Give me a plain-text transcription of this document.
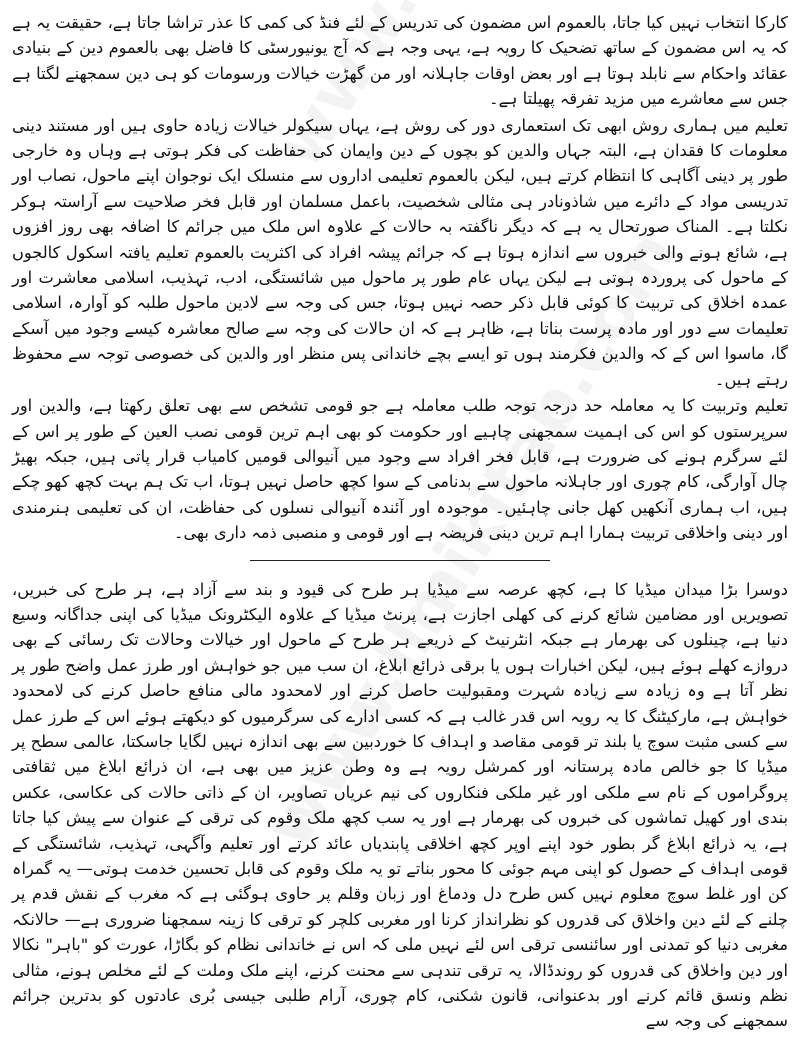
کارکا انتخاب نہیں کیا جاتا، بالعموم اس مضمون کی تدریس کے لئے فنڈ کی کمی کا عذر تراشا جاتا ہے، حقیقت یہ ہے کہ یہ اس مضمون کے ساتھ تضحیک کا رویہ ہے، یہی وجہ ہے کہ آج یونیورسٹی کا فاضل بھی بالعموم دین کے بنیادی عقائد واحکام سے نابلد ہوتا ہے اور بعض اوقات جاہلانہ اور من گھڑت خیالات ورسومات کو ہی دین سمجھنے لگتا ہے جس سے معاشرے میں مزید تفرقہ پھیلتا ہے۔

تعلیم میں ہماری روش ابھی تک استعماری دور کی روش ہے، یہاں سیکولر خیالات زیادہ حاوی ہیں اور مستند دینی معلومات کا فقدان ہے، البتہ جہاں والدین کو بچوں کے دین وایمان کی حفاظت کی فکر ہوتی ہے وہاں وہ خارجی طور پر دینی آگاہی کا انتظام کرتے ہیں، لیکن بالعموم تعلیمی اداروں سے منسلک ایک نوجوان اپنے ماحول، نصاب اور تدریسی مواد کے دائرے میں شاذونادر ہی مثالی شخصیت، باعمل مسلمان اور قابل فخر صلاحیت سے آراستہ ہوکر نکلتا ہے۔ المناک صورتحال یہ ہے کہ دیگر ناگفتہ بہ حالات کے علاوہ اس ملک میں جرائم کا اضافہ بھی روز افزوں ہے، شائع ہونے والی خبروں سے اندازہ ہوتا ہے کہ جرائم پیشہ افراد کی اکثریت بالعموم تعلیم یافتہ اسکول کالجوں کے ماحول کی پروردہ ہوتی ہے لیکن یہاں عام طور پر ماحول میں شائستگی، ادب، تہذیب، اسلامی معاشرت اور عمدہ اخلاق کی تربیت کا کوئی قابل ذکر حصہ نہیں ہوتا، جس کی وجہ سے لادین ماحول طلبہ کو آوارہ، اسلامی تعلیمات سے دور اور مادہ پرست بناتا ہے، ظاہر ہے کہ ان حالات کی وجہ سے صالح معاشرہ کیسے وجود میں آسکے گا، ماسوا اس کے کہ والدین فکرمند ہوں تو ایسے بچے خاندانی پس منظر اور والدین کی خصوصی توجہ سے محفوظ رہتے ہیں۔

تعلیم وتربیت کا یہ معاملہ حد درجہ توجہ طلب معاملہ ہے جو قومی تشخص سے بھی تعلق رکھتا ہے، والدین اور سرپرستوں کو اس کی اہمیت سمجھنی چاہیے اور حکومت کو بھی اہم ترین قومی نصب العین کے طور پر اس کے لئے سرگرم ہونے کی ضرورت ہے، قابل فخر افراد سے وجود میں آنیوالی قومیں کامیاب قرار پاتی ہیں، جبکہ بھیڑ چال آوارگی، کام چوری اور جاہلانہ ماحول سے بدنامی کے سوا کچھ حاصل نہیں ہوتا، اب تک ہم بہت کچھ کھو چکے ہیں، اب ہماری آنکھیں کھل جانی چاہئیں۔ موجودہ اور آئندہ آنیوالی نسلوں کی حفاظت، ان کی تعلیمی ہنرمندی اور دینی واخلاقی تربیت ہمارا اہم ترین دینی فریضہ ہے اور قومی و منصبی ذمہ داری بھی۔

دوسرا بڑا میدان میڈیا کا ہے، کچھ عرصہ سے میڈیا ہر طرح کی قیود و بند سے آزاد ہے، ہر طرح کی خبریں، تصویریں اور مضامین شائع کرنے کی کھلی اجازت ہے، پرنٹ میڈیا کے علاوہ الیکٹرونک میڈیا کی اپنی جداگانہ وسیع دنیا ہے، چینلوں کی بھرمار ہے جبکہ انٹرنیٹ کے ذریعے ہر طرح کے ماحول اور خیالات وحالات تک رسائی کے بھی دروازے کھلے ہوئے ہیں، لیکن اخبارات ہوں یا برقی ذرائع ابلاغ، ان سب میں جو خواہش اور طرز عمل واضح طور پر نظر آتا ہے وہ زیادہ سے زیادہ شہرت ومقبولیت حاصل کرنے اور لامحدود مالی منافع حاصل کرنے کی لامحدود خواہش ہے، مارکیٹنگ کا یہ رویہ اس قدر غالب ہے کہ کسی ادارے کی سرگرمیوں کو دیکھتے ہوئے اس کے طرز عمل سے کسی مثبت سوچ یا بلند تر قومی مقاصد و اہداف کا خوردبین سے بھی اندازہ نہیں لگایا جاسکتا، عالمی سطح پر میڈیا کا جو خالص مادہ پرستانہ اور کمرشل رویہ ہے وہ وطن عزیز میں بھی ہے، ان ذرائع ابلاغ میں ثقافتی پروگراموں کے نام سے ملکی اور غیر ملکی فنکاروں کی نیم عریاں تصاویر، ان کے ذاتی حالات کی عکاسی، عکس بندی اور کھیل تماشوں کی خبروں کی بھرمار ہے اور یہ سب کچھ ملک وقوم کی ترقی کے عنوان سے پیش کیا جاتا ہے، یہ ذرائع ابلاغ گر بطور خود اپنے اوپر کچھ اخلاقی پابندیاں عائد کرتے اور تعلیم وآگہی، تہذیب، شائستگی کے قومی اہداف کے حصول کو اپنی مہم جوئی کا محور بناتے تو یہ ملک وقوم کی قابل تحسین خدمت ہوتی— یہ گمراہ کن اور غلط سوچ معلوم نہیں کس طرح دل ودماغ اور زبان وقلم پر حاوی ہوگئی ہے کہ مغرب کے نقش قدم پر چلنے کے لئے دین واخلاق کی قدروں کو نظرانداز کرنا اور مغربی کلچر کو ترقی کا زینہ سمجھنا ضروری ہے— حالانکہ مغربی دنیا کو تمدنی اور سائنسی ترقی اس لئے نہیں ملی کہ اس نے خاندانی نظام کو بگاڑا، عورت کو "باہر" نکالا اور دین واخلاق کی قدروں کو روندڈالا، یہ ترقی تندہی سے محنت کرنے، اپنے ملک وملت کے لئے مخلص ہونے، مثالی نظم ونسق قائم کرنے اور بدعنوانی، قانون شکنی، کام چوری، آرام طلبی جیسی بُری عادتوں کو بدترین جرائم سمجھنے کی وجہ سے
